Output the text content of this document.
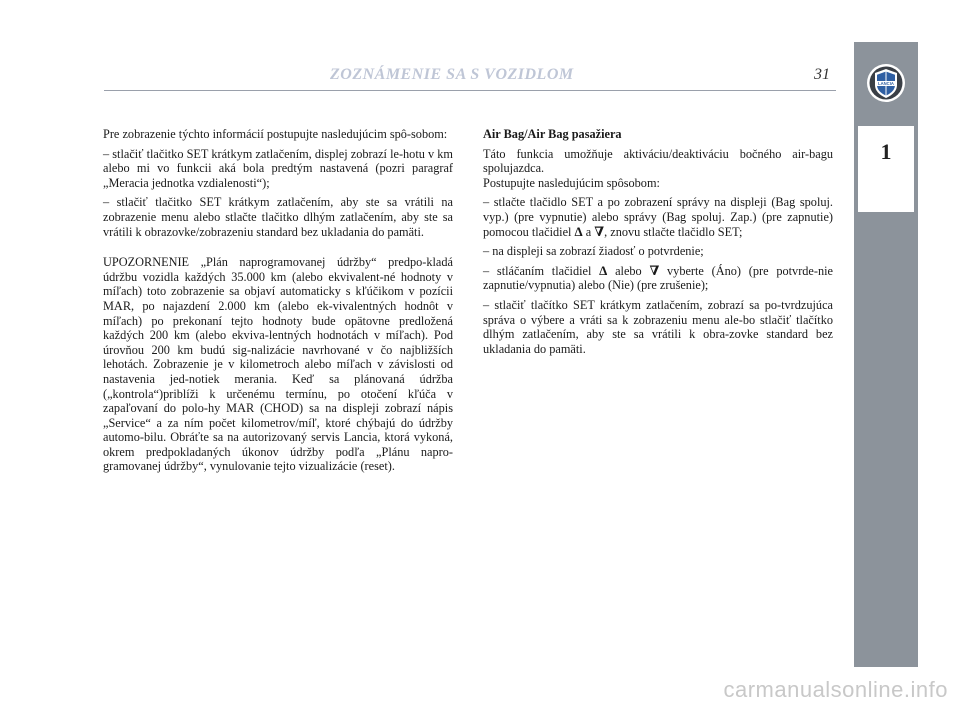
ZOZNÁMENIE SA S VOZIDLOM	31
LANCIA
1

Pre zobrazenie týchto informácií postupujte nasledujúcim spô-sobom:

– stlačiť tlačitko SET krátkym zatlačením, displej zobrazí le-hotu v km alebo mi vo funkcii aká bola predtým nastavená (pozri paragraf „Meracia jednotka vzdialenosti“);

– stlačiť tlačitko SET krátkym zatlačením, aby ste sa vrátili na zobrazenie menu alebo stlačte tlačitko dlhým zatlačením, aby ste sa vrátili k obrazovke/zobrazeniu standard bez ukladania do pamäti.

UPOZORNENIE „Plán naprogramovanej údržby“ predpo-kladá údržbu vozidla každých 35.000 km (alebo ekvivalent-né hodnoty v míľach) toto zobrazenie sa objaví automaticky s kľúčikom v pozícii MAR, po najazdení 2.000 km (alebo ek-vivalentných hodnôt v míľach) po prekonaní tejto hodnoty bude opätovne predložená každých 200 km (alebo ekviva-lentných hodnotách v míľach). Pod úrovňou 200 km budú sig-nalizácie navrhované v čo najbližších lehotách. Zobrazenie je v kilometroch alebo míľach v závislosti od nastavenia jed-notiek merania. Keď sa plánovaná údržba („kontrola“)priblíži k určenému termínu, po otočení kľúča v zapaľovaní do polo-hy MAR (CHOD) sa na displeji zobrazí nápis „Service“ a za ním počet kilometrov/míľ, ktoré chýbajú do údržby automo-bilu. Obráťte sa na autorizovaný servis Lancia, ktorá vykoná, okrem predpokladaných úkonov údržby podľa „Plánu napro-gramovanej údržby“, vynulovanie tejto vizualizácie (reset).

Air Bag/Air Bag pasažiera

Táto funkcia umožňuje aktiváciu/deaktiváciu bočného air-bagu spolujazdca.

Postupujte nasledujúcim spôsobom:

– stlačte tlačidlo SET a po zobrazení správy na displeji (Bag spoluj. vyp.) (pre vypnutie) alebo správy (Bag spoluj. Zap.) (pre zapnutie) pomocou tlačidiel Δ a ∇, znovu stlačte tlačidlo SET;

– na displeji sa zobrazí žiadosť o potvrdenie;

– stláčaním tlačidiel Δ alebo ∇ vyberte (Áno) (pre potvrde-nie zapnutie/vypnutia) alebo (Nie) (pre zrušenie);

– stlačiť tlačítko SET krátkym zatlačením, zobrazí sa po-tvrdzujúca správa o výbere a vráti sa k zobrazeniu menu ale-bo stlačiť tlačítko dlhým zatlačením, aby ste sa vrátili k obra-zovke standard bez ukladania do pamäti.

carmanualsonline.info
